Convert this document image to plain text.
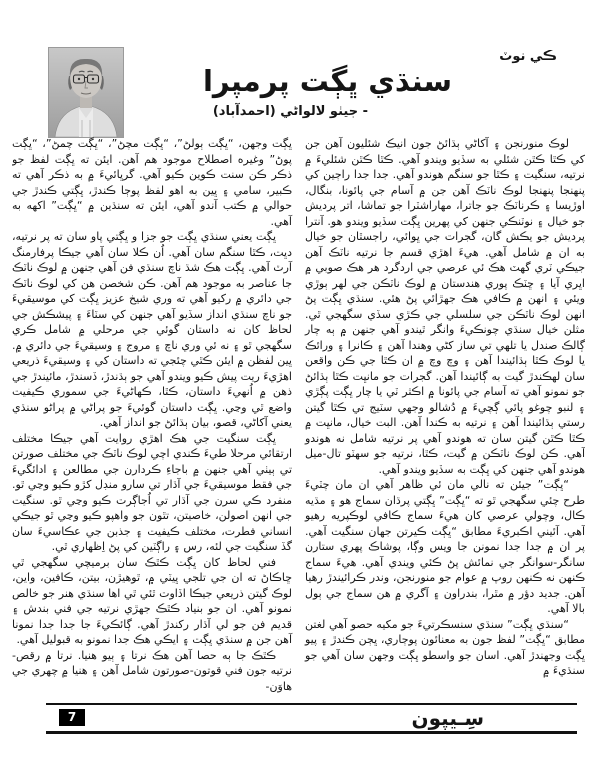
ڪي نوٽ
سنڌي ڀڳت پرمپرا
- جيٺو لالواڻي (احمدآباد)

لوڪ منورنجن ۽ آکاڻي ٻڌائڻ جون انيڪ شئليون آهن جن کي ڪٿا ڪٿن شئلي به سڏيو ويندو آهي. ڪٿا ڪٿن شئليءَ ۾ نرتيه، سنگيت ۽ ڪٿا جو سنگم هوندو آهي. جدا جدا راڄين کي پنهنجا پنهنجا لوڪ ناٽڪ آهن جن ۾ آسام جي پائونا، بنگال، اوڙيسا ۽ ڪرناٽڪ جو جاترا، مهاراشٽرا جو تماشا، اتر پرديش جو خيال ۽ نوٽنڪي جنهن کي پهرين ڀڳت سڏيو ويندو هو. آنترا پرديش جو يڪش گان، گجرات جي ڀوائي، راجسٿان جو خيال به ان ۾ شامل آهي. هيءَ اهڙي قسم جا نرتيه ناٽڪ آهن جيڪي ٽري گهٽ هڪ ئي عرصي جي اردگرد هر هڪ صوبي ۾ اڀري آيا ۽ ڇٽڪ پوري هندستان ۾ لوڪ ناٽڪن جي لهر ٻوڙي ويئي ۽ انهن ۾ ڪافي هڪ جهڙائي پڻ هئي. سنڌي ڀڳت پڻ انهن لوڪ ناٽڪن جي سلسلي جي ڪڙي سڏي سگهجي ٿي. مثلن خيال سنڌي چونڪيءَ وانگر ٿيندو آهي جنهن ۾ ٻه چار ڳالڪ صندل يا تلهي تي ساز کڻي وهندا آهن ۽ ڪانرا ۽ ورائڪ يا لوڪ ڪٿا ٻڌائيندا آهن ۽ وچ وچ ۾ ان ڪٿا جي ڪن واقعن سان لهڪندڙ گيت به ڳائيندا آهن. گجرات جو مانڀت ڪٿا ٻڌائڻ جو نمونو آهي ته آسام جي پائونا ۾ اڪثر ٽي يا چار ڀڳت پڳڙي ۽ لنبو چوغو پائي ڳچيءَ ۾ دُشالو وجهي سٽيج تي ڪٿا گيتن رستي ٻڌائيندا آهن ۽ نرتيه به ڪندا آهن. البت خيال، مانڀت ۾ ڪٿا ڪٿن گيتن سان ته هوندو آهي پر نرتيه شامل نه هوندو آهي. ڪن لوڪ ناٽڪن ۾ گيت، ڪٿا، نرتيه جو سهٽو تال-ميل هوندو آهي جنهن کي ڀڳت به سڏيو ويندو آهي.

“ڀڳت” جيئن ته نالي مان ئي ظاهر آهي ان مان چٽيءَ طرح چئي سگهجي ٿو ته “ڀڳت” ڀڳتي پرڌان سماج هو ۽ مڌيه ڪال، وچولي عرصي کان هيءَ سماج ڪافي لوڪپريه رهيو آهي. آئيني اڪبريءَ مطابق “ڀڳت ڪيرتن جهان سنگيت آهي. پر ان ۾ جدا جدا نمونن جا ويس وڳا، پوشاڪ پهري ستارن سانگر-سوانگر جي نمائش پڻ ڪئي ويندي آهي. هيءَ سماج ڪنهن نه ڪنهن روپ ۾ عوام جو منورنجن، وندر ڪرائيندڙ رهيا آهن. جديد دؤر ۾ مٿرا، بندراون ۽ آگري ۾ هن سماج جي ٻول بالا آهي.

“سنڌي ڀڳت” سنڌي سنسڪرتيءَ جو مکيه حصو آهي لغتن مطابق “ڀڳت” لفظ جون به معنائون پوڄاري، ڀڄن ڪندڙ ۽ پيو ڀڳت وجهندڙ آهي. اسان جو واسطو ڀڳت وجهن سان آهي جو سنڌيءَ ۾

ڀڳت وجهن، “ڀڳت ٻولڻ”، “ڀڳت مچڻ”، “ڀڳت چمڻ”، “ڀڳت پوڻ” وغيره اصطلاح موجود هم آهن. ايئن ته ڀڳت لفظ جو ذڪر ڪن سنت ڪوين ڪيو آهي. گرڀائيءَ ۾ به ذڪر آهي ته ڪبير، سامي ۽ ڀين به اهو لفظ پوڄا ڪندڙ، ڀڳتي ڪندڙ جي حوالي ۾ ڪتب آندو آهي، ايئن ته سنڌين ۾ “ڀڳت” اکهه به آهي.

ڀڳت يعني سنڌي ڀڳت جو جزا و ڀڳتي پاو سان ته پر نرتيه، دڀت، ڪٿا سنگم سان آهي. اُن ڪلا سان آهي جيڪا پرفارمنگ آرٽ آهي. ڀڳت هڪ شڌ ناچ سنڌي فن آهي جنهن ۾ لوڪ ناٽڪ جا عناصر به موجود هم آهن. ڪن شخصن هن کي لوڪ ناٽڪ جي دائري ۾ رکيو آهي ته وري شيخ عزيز ڀڳت کي موسيقيءَ جو ناچ سنڌي انداز سڏيو آهي جنهن کي سٽاءَ ۽ پيشڪش جي لحاظ کان نه داستان گوئي جي مرحلي ۾ شامل ڪري سگهجي ٿو ۽ نه ئي وري ناچ ۽ مروج ۽ وسيقيءَ جي دائري ۾. ڀين لفظن ۾ ايئن ڪٿي چئجي ته داستان کي ۽ وسيقيءَ ذريعي اهڙيءَ ريت پيش ڪيو ويندو آهي جو ٻڌندڙ، ڏسندڙ، مائيندڙ جي ذهن ۾ اُنهيءَ داستان، ڪٿا، ڪهاڻيءَ جي سموري ڪيفيت واضع ٿي وڃي. ڀڳت داستان گوئيءَ جو پراڻي ۾ پراڻو سنڌي يعني آکاڻي، قصو، بيان ٻڌائڻ جو انداز آهي.

ڀڳت سنگيت جي هڪ اهڙي روايت آهي جيڪا مختلف ارتقائي مرحلا طيءَ ڪندي اچي لوڪ ناٽڪ جي مختلف صورتن تي ٻيٺي آهي جنهن ۾ باجاءِ ڪردارن جي مطالعن ۽ ادائگيءَ جي فقط موسيقيءَ جي آڌار تي سارو منڊل کڙو ڪيو وڃي ٿو. منفرد ڪي سرن جي آڌار تي اُجاڳرت ڪيو وڃي ٿو. سنگيت جي انهن اصولن، خاصيتن، تٿون جو واهپو ڪيو وڃي ٿو جيڪي انساني فطرت، مختلف ڪيفيت ۽ جذبن جي عڪاسيءَ سان گڏ سنگيت جي لئه، رس ۽ راڳٽين کي پڻ اِظهاري ٿي.

فني لحاظ کان ڀڳت ڪٿڪ سان برميچي سگهجي ٿي ڇاڪاڻ ته ان جي تلجي ڀيٽي ۾، ٿوهيڙن، بيتن، ڪافين، واين، لوڪ گيتن ذريعي جيڪا اڏاوت ٿئي ٿي اها سنڌي هنر جو خالص نمونو آهي. ان جو بنياد ڪٿڪ جهڙي نرتيه جي فني بندش ۽ قديم فن جو لي آڌار رکندڙ آهي. ڳائڪيءَ جا جدا جدا نمونا آهن جن ۾ سنڌي ڀڳت ۽ ايڪي هڪ جدا نمونو به قبوليل آهي.

ڪٿڪ جا ٻه حصا آهن هڪ نرتا ۽ ٻيو هنيا. نرتا ۾ رقص-نرتيه جون فني قوتون-صورتون شامل آهن ۽ هنيا ۾ چهري جي هاوَن-

7	سِـيپون
